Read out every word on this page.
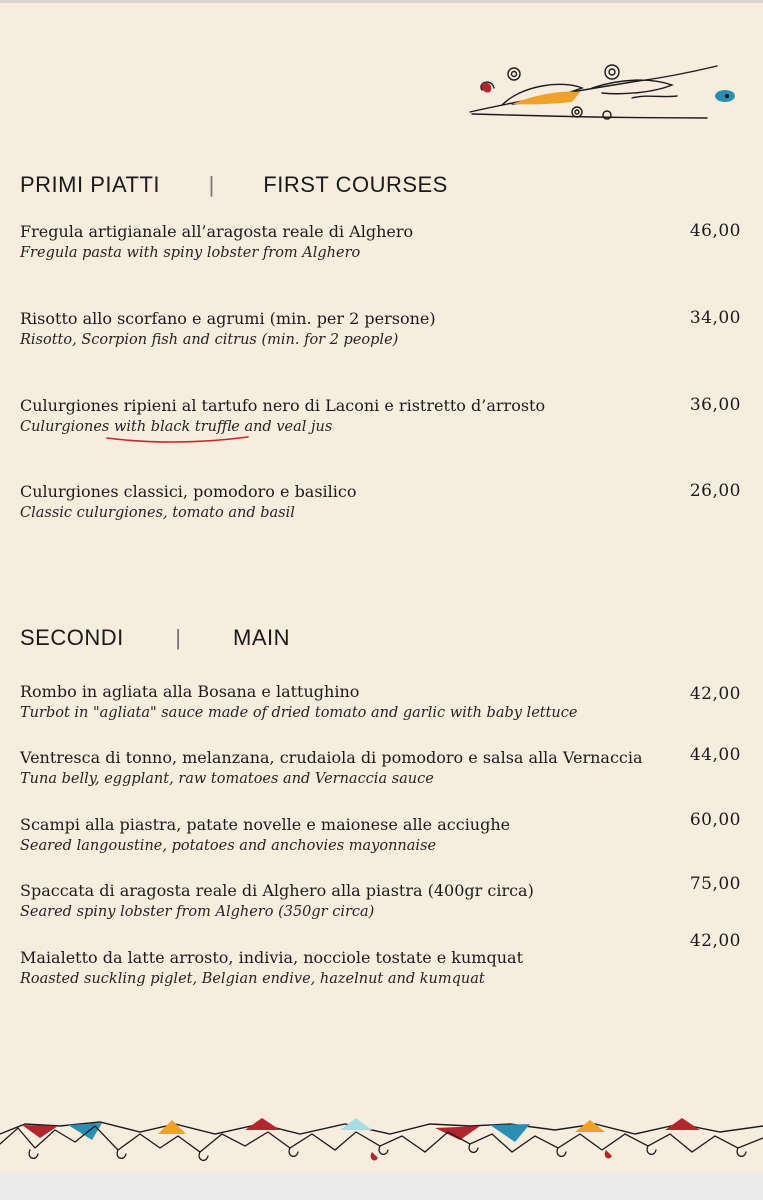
PRIMI PIATTI | FIRST COURSES
Fregula artigianale all’aragosta reale di Alghero
Fregula pasta with spiny lobster from Alghero
46,00
Risotto allo scorfano e agrumi (min. per 2 persone)
Risotto, Scorpion fish and citrus (min. for 2 people)
34,00
Culurgiones ripieni al tartufo nero di Laconi e ristretto d’arrosto
Culurgiones with black truffle and veal jus
36,00
Culurgiones classici, pomodoro e basilico
Classic culurgiones, tomato and basil
26,00
SECONDI | MAIN
Rombo in agliata alla Bosana e lattughino
Turbot in "agliata" sauce made of dried tomato and garlic with baby lettuce
42,00
Ventresca di tonno, melanzana, crudaiola di pomodoro e salsa alla Vernaccia
Tuna belly, eggplant, raw tomatoes and Vernaccia sauce
44,00
Scampi alla piastra, patate novelle e maionese alle acciughe
Seared langoustine, potatoes and anchovies mayonnaise
60,00
Spaccata di aragosta reale di Alghero alla piastra (400gr circa)
Seared spiny lobster from Alghero (350gr circa)
75,00
Maialetto da latte arrosto, indivia, nocciole tostate e kumquat
Roasted suckling piglet, Belgian endive, hazelnut and kumquat
42,00
